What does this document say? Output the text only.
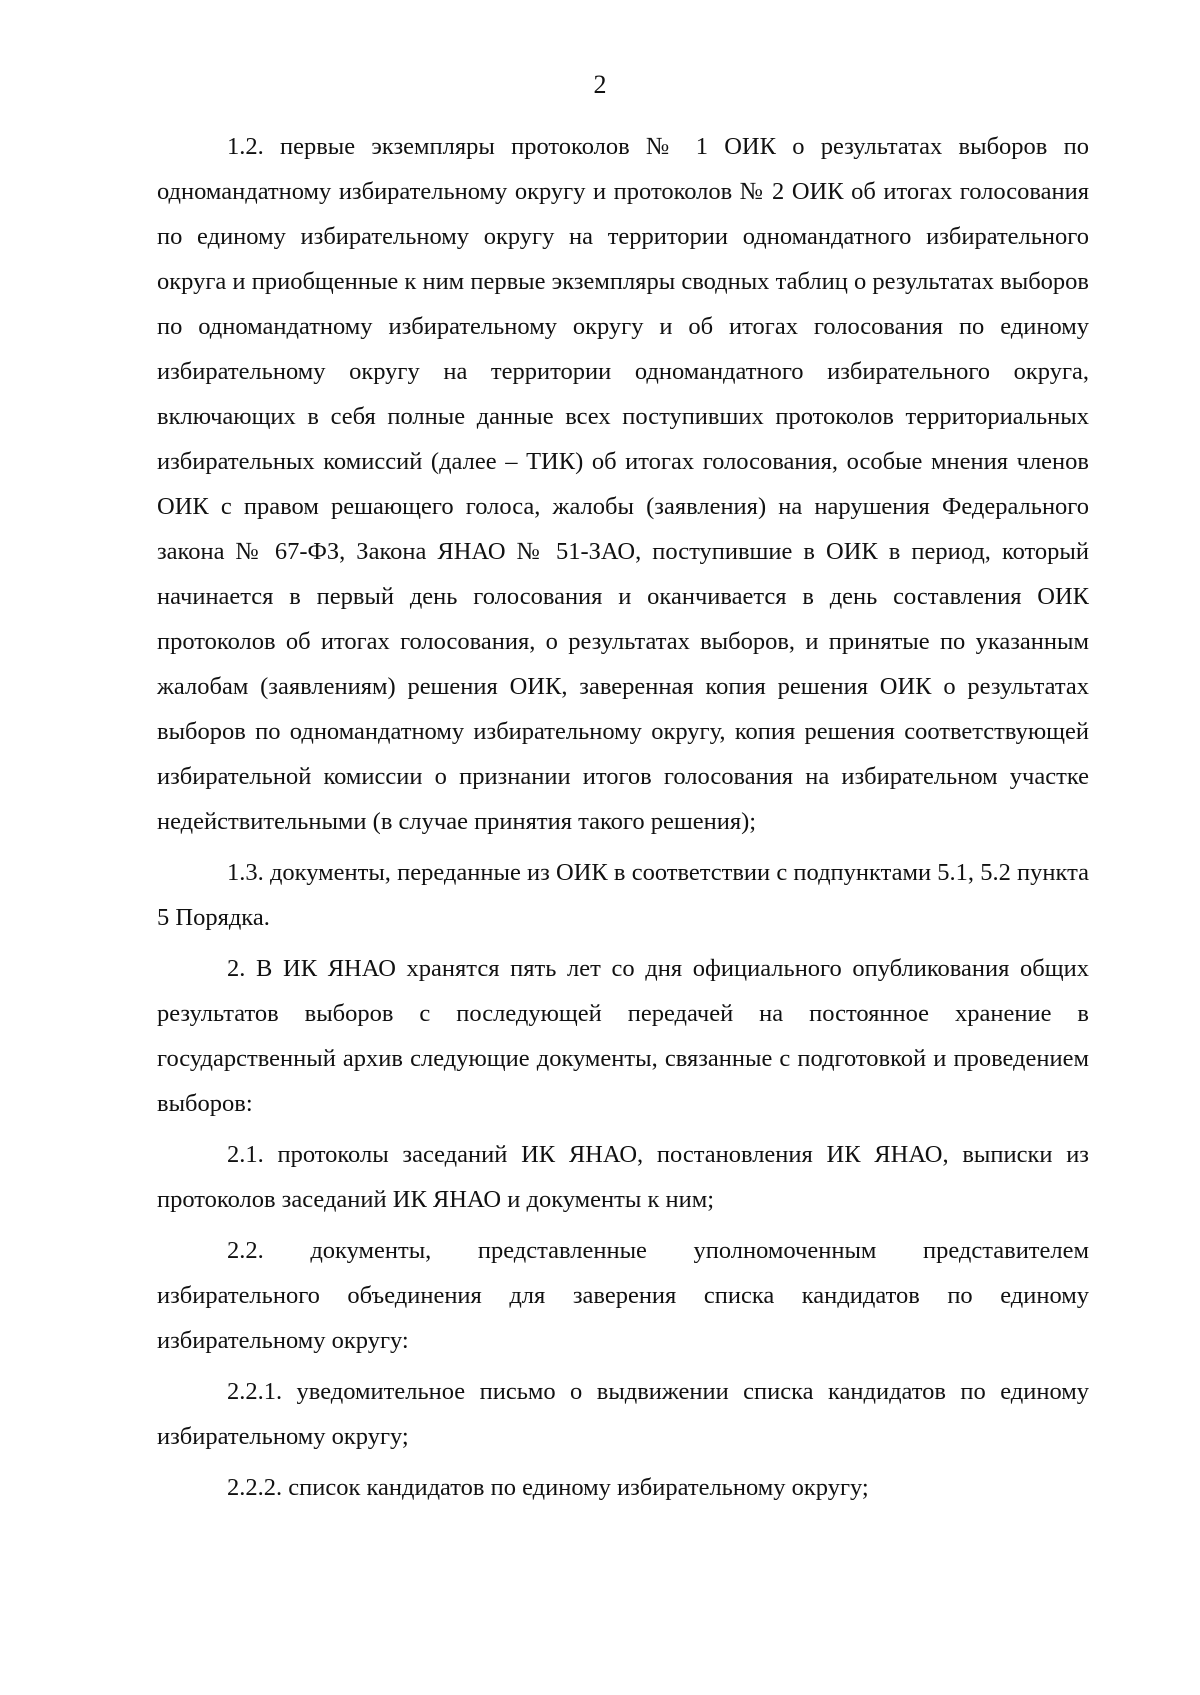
2

1.2. первые экземпляры протоколов № 1 ОИК о результатах выборов по одномандатному избирательному округу и протоколов № 2 ОИК об итогах голосования по единому избирательному округу на территории одномандатного избирательного округа и приобщенные к ним первые экземпляры сводных таблиц о результатах выборов по одномандатному избирательному округу и об итогах голосования по единому избирательному округу на территории одномандатного избирательного округа, включающих в себя полные данные всех поступивших протоколов территориальных избирательных комиссий (далее – ТИК) об итогах голосования, особые мнения членов ОИК с правом решающего голоса, жалобы (заявления) на нарушения Федерального закона № 67-ФЗ, Закона ЯНАО № 51-ЗАО, поступившие в ОИК в период, который начинается в первый день голосования и оканчивается в день составления ОИК протоколов об итогах голосования, о результатах выборов, и принятые по указанным жалобам (заявлениям) решения ОИК, заверенная копия решения ОИК о результатах выборов по одномандатному избирательному округу, копия решения соответствующей избирательной комиссии о признании итогов голосования на избирательном участке недействительными (в случае принятия такого решения);

1.3. документы, переданные из ОИК в соответствии с подпунктами 5.1, 5.2 пункта 5 Порядка.

2. В ИК ЯНАО хранятся пять лет со дня официального опубликования общих результатов выборов с последующей передачей на постоянное хранение в государственный архив следующие документы, связанные с подготовкой и проведением выборов:

2.1. протоколы заседаний ИК ЯНАО, постановления ИК ЯНАО, выписки из протоколов заседаний ИК ЯНАО и документы к ним;

2.2. документы, представленные уполномоченным представителем избирательного объединения для заверения списка кандидатов по единому избирательному округу:

2.2.1. уведомительное письмо о выдвижении списка кандидатов по единому избирательному округу;

2.2.2. список кандидатов по единому избирательному округу;
